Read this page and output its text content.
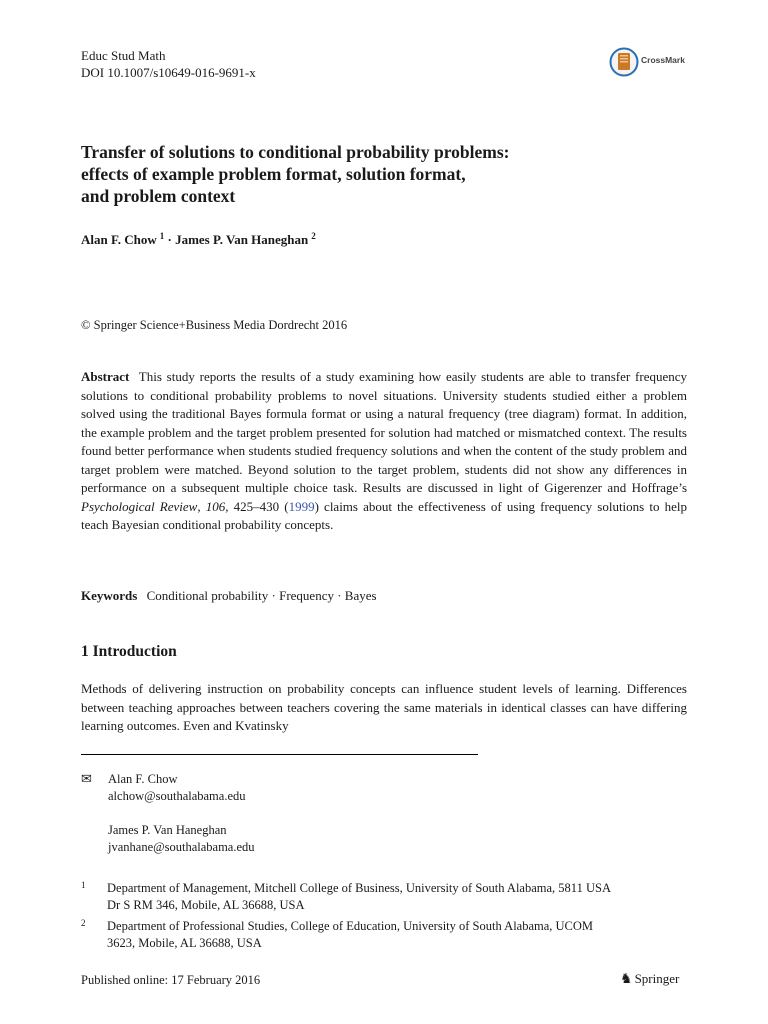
Educ Stud Math
DOI 10.1007/s10649-016-9691-x
CrossMark
Transfer of solutions to conditional probability problems:
effects of example problem format, solution format,
and problem context
Alan F. Chow $^1$ · James P. Van Haneghan $^2$
© Springer Science+Business Media Dordrecht 2016
Abstract This study reports the results of a study examining how easily students are able to transfer frequency solutions to conditional probability problems to novel situations. University students studied either a problem solved using the traditional Bayes formula format or using a natural frequency (tree diagram) format. In addition, the example problem and the target problem presented for solution had matched or mismatched context. The results found better performance when students studied frequency solutions and when the content of the study problem and target problem were matched. Beyond solution to the target problem, students did not show any differences in performance on a subsequent multiple choice task. Results are discussed in light of Gigerenzer and Hoffrage’s Psychological Review, 106, 425–430 (1999) claims about the effectiveness of using frequency solutions to help teach Bayesian conditional probability concepts.
Keywords Conditional probability · Frequency · Bayes
1 Introduction
Methods of delivering instruction on probability concepts can influence student levels of learning. Differences between teaching approaches between teachers covering the same materials in identical classes can have differing learning outcomes. Even and Kvatinsky
✉ Alan F. Chow
alchow@southalabama.edu
James P. Van Haneghan
jvanhane@southalabama.edu
1 Department of Management, Mitchell College of Business, University of South Alabama, 5811 USA
Dr S RM 346, Mobile, AL 36688, USA
2 Department of Professional Studies, College of Education, University of South Alabama, UCOM
3623, Mobile, AL 36688, USA
Published online: 17 February 2016	♞ Springer
